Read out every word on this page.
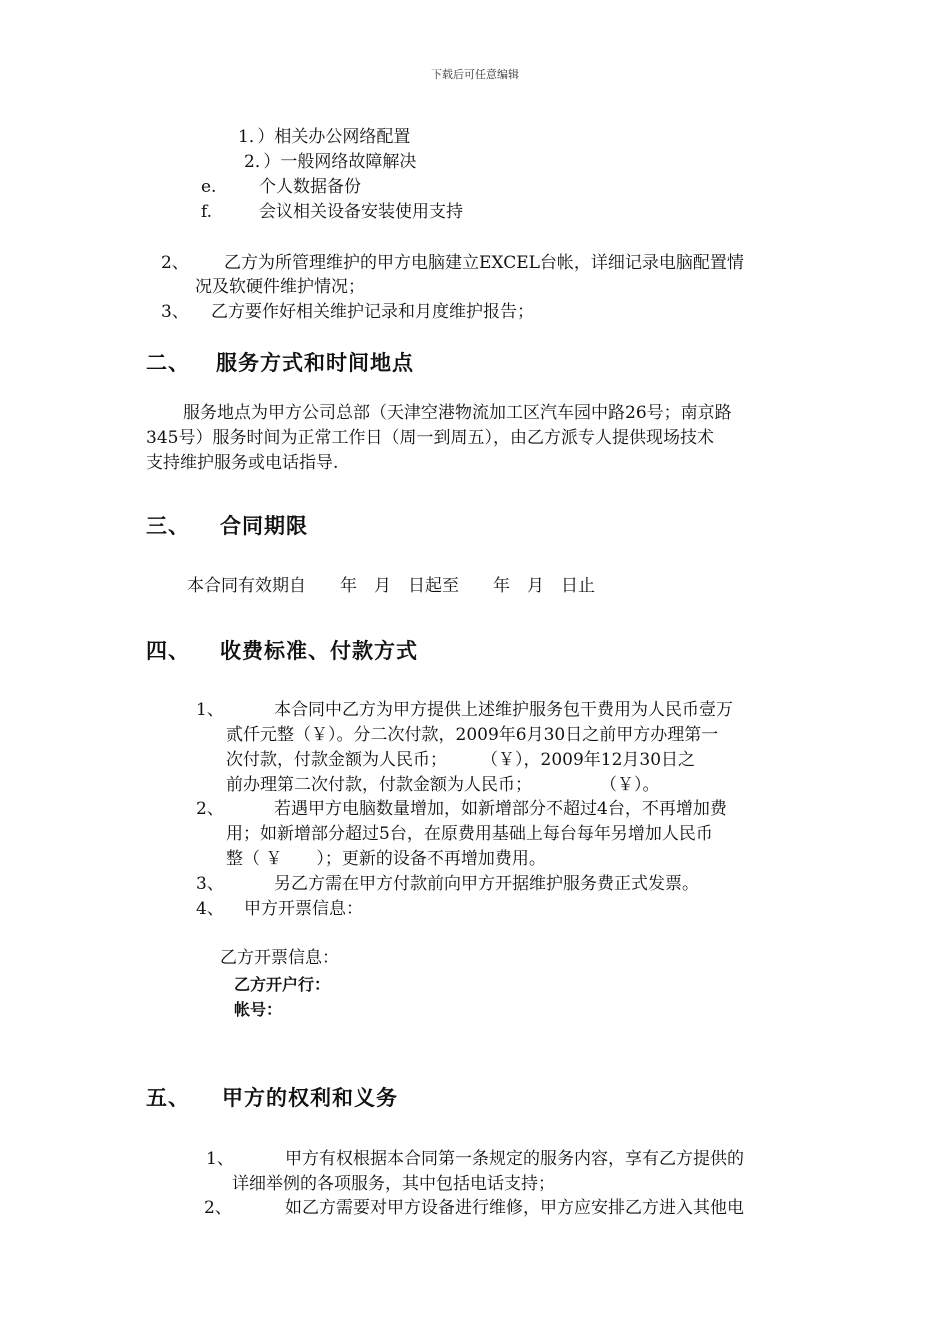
下载后可任意编辑
1．）相关办公网络配置
2．）一般网络故障解决
e.	个人数据备份
f.	会议相关设备安装使用支持
2、 乙方为所管理维护的甲方电脑建立EXCEL台帐，详细记录电脑配置情
况及软硬件维护情况；
3、 乙方要作好相关维护记录和月度维护报告；
二、 服务方式和时间地点
服务地点为甲方公司总部（天津空港物流加工区汽车园中路26号；南京路
345号）服务时间为正常工作日（周一到周五），由乙方派专人提供现场技术
支持维护服务或电话指导.
三、 合同期限
本合同有效期自　　年　月　日起至　　年　月　日止
四、 收费标准、付款方式
1、	本合同中乙方为甲方提供上述维护服务包干费用为人民币壹万
贰仟元整（￥）。分二次付款，2009年6月30日之前甲方办理第一
次付款，付款金额为人民币；　　　（￥），2009年12月30日之
前办理第二次付款，付款金额为人民币；　　　　　（￥）。
2、	若遇甲方电脑数量增加，如新增部分不超过4台，不再增加费
用；如新增部分超过5台，在原费用基础上每台每年另增加人民币
整（ ￥　　）；更新的设备不再增加费用。
3、	另乙方需在甲方付款前向甲方开据维护服务费正式发票。
4、 甲方开票信息：
乙方开票信息：
乙方开户行：
帐号：
五、 甲方的权利和义务
1、	甲方有权根据本合同第一条规定的服务内容，享有乙方提供的
详细举例的各项服务，其中包括电话支持；
2、	如乙方需要对甲方设备进行维修，甲方应安排乙方进入其他电
